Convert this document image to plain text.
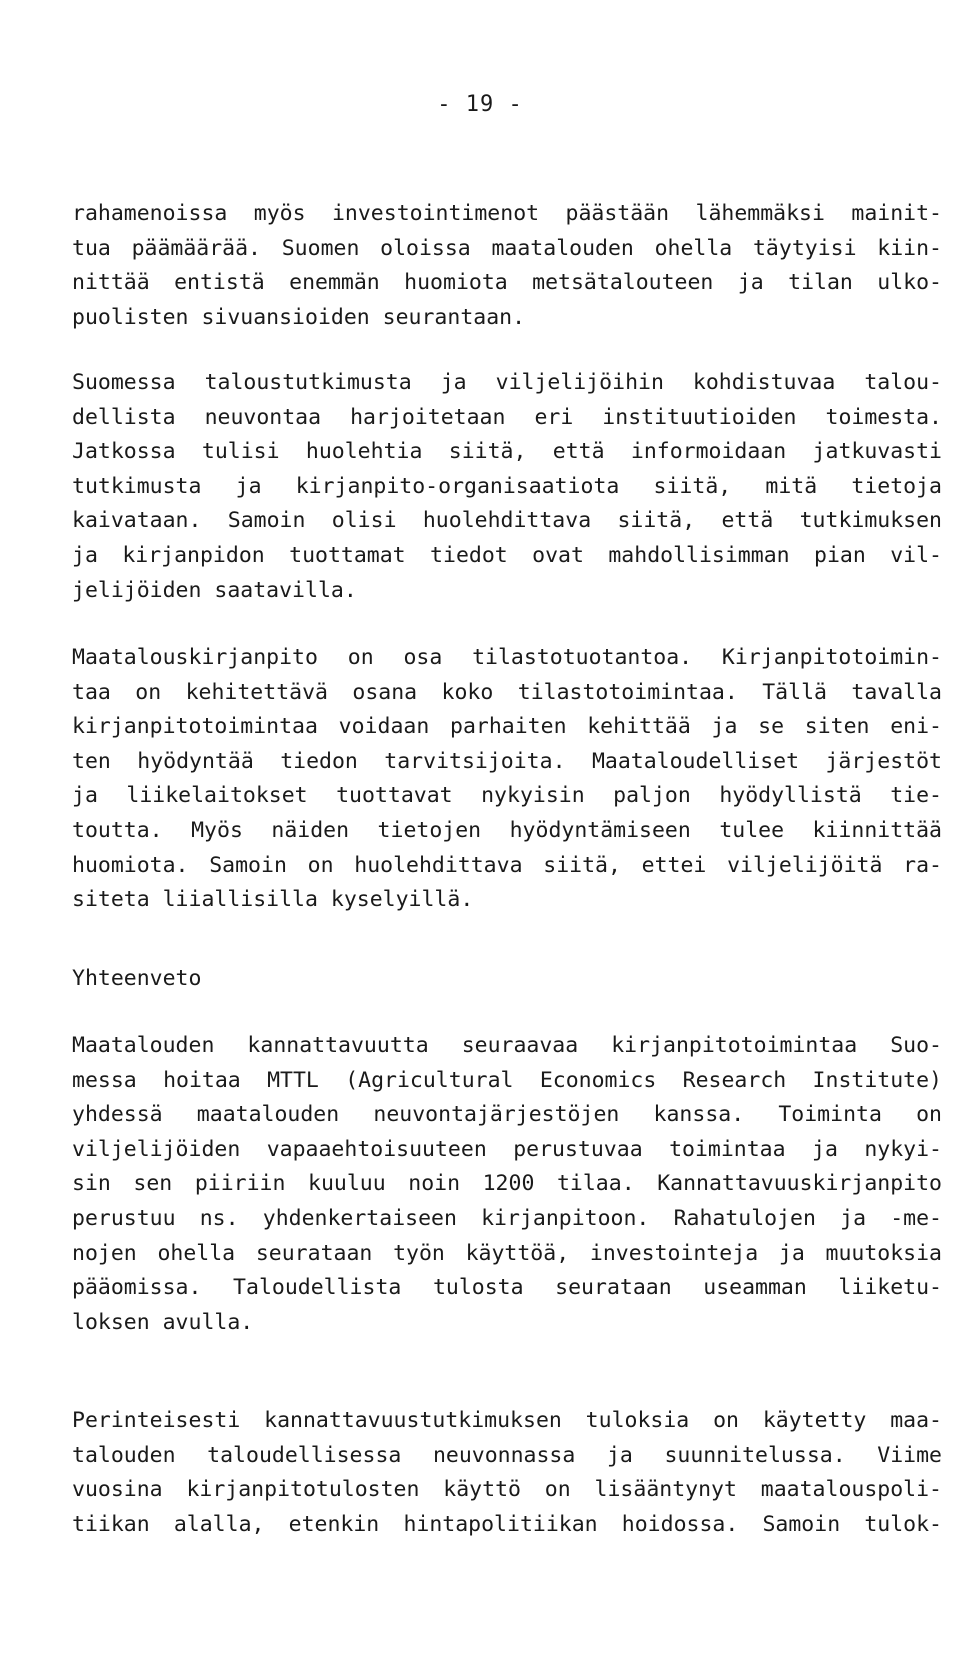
- 19 -
rahamenoissa myös investointimenot päästään lähemmäksi mainit-
tua päämäärää. Suomen oloissa maatalouden ohella täytyisi kiin-
nittää entistä enemmän huomiota metsätalouteen ja tilan ulko-
puolisten sivuansioiden seurantaan.
Suomessa taloustutkimusta ja viljelijöihin kohdistuvaa talou-
dellista neuvontaa harjoitetaan eri instituutioiden toimesta.
Jatkossa tulisi huolehtia siitä, että informoidaan jatkuvasti
tutkimusta ja kirjanpito-organisaatiota siitä, mitä tietoja
kaivataan. Samoin olisi huolehdittava siitä, että tutkimuksen
ja kirjanpidon tuottamat tiedot ovat mahdollisimman pian vil-
jelijöiden saatavilla.
Maatalouskirjanpito on osa tilastotuotantoa. Kirjanpitotoimin-
taa on kehitettävä osana koko tilastotoimintaa. Tällä tavalla
kirjanpitotoimintaa voidaan parhaiten kehittää ja se siten eni-
ten hyödyntää tiedon tarvitsijoita. Maataloudelliset järjestöt
ja liikelaitokset tuottavat nykyisin paljon hyödyllistä tie-
toutta. Myös näiden tietojen hyödyntämiseen tulee kiinnittää
huomiota. Samoin on huolehdittava siitä, ettei viljelijöitä ra-
siteta liiallisilla kyselyillä.
Yhteenveto
Maatalouden kannattavuutta seuraavaa kirjanpitotoimintaa Suo-
messa hoitaa MTTL (Agricultural Economics Research Institute)
yhdessä maatalouden neuvontajärjestöjen kanssa. Toiminta on
viljelijöiden vapaaehtoisuuteen perustuvaa toimintaa ja nykyi-
sin sen piiriin kuuluu noin 1200 tilaa. Kannattavuuskirjanpito
perustuu ns. yhdenkertaiseen kirjanpitoon. Rahatulojen ja -me-
nojen ohella seurataan työn käyttöä, investointeja ja muutoksia
pääomissa. Taloudellista tulosta seurataan useamman liiketu-
loksen avulla.
Perinteisesti kannattavuustutkimuksen tuloksia on käytetty maa-
talouden taloudellisessa neuvonnassa ja suunnitelussa. Viime
vuosina kirjanpitotulosten käyttö on lisääntynyt maatalouspoli-
tiikan alalla, etenkin hintapolitiikan hoidossa. Samoin tulok-
